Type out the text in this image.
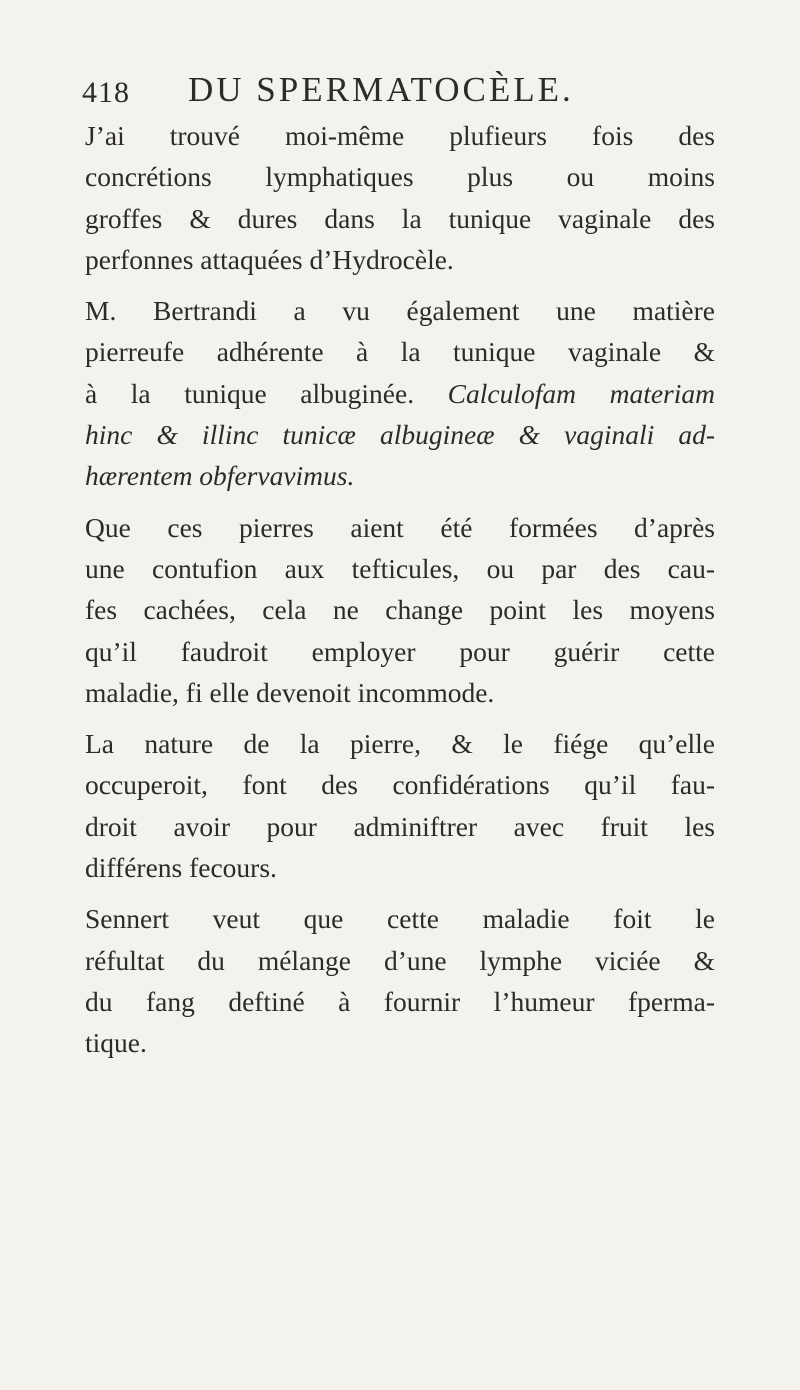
418 DU SPERMATOCÈLE.

J’ai trouvé moi-même plufieurs fois des
concrétions lymphatiques plus ou moins
groffes & dures dans la tunique vaginale des
perfonnes attaquées d’Hydrocèle.

M. Bertrandi a vu également une matière
pierreufe adhérente à la tunique vaginale &
à la tunique albuginée. Calculofam materiam
hinc & illinc tunicæ albugineæ & vaginali ad-
hærentem obfervavimus.

Que ces pierres aient été formées d’après
une contufion aux tefticules, ou par des cau-
fes cachées, cela ne change point les moyens
qu’il faudroit employer pour guérir cette
maladie, fi elle devenoit incommode.

La nature de la pierre, & le fiége qu’elle
occuperoit, font des confidérations qu’il fau-
droit avoir pour adminiftrer avec fruit les
différens fecours.

Sennert veut que cette maladie foit le
réfultat du mélange d’une lymphe viciée &
du fang deftiné à fournir l’humeur fperma-
tique.
